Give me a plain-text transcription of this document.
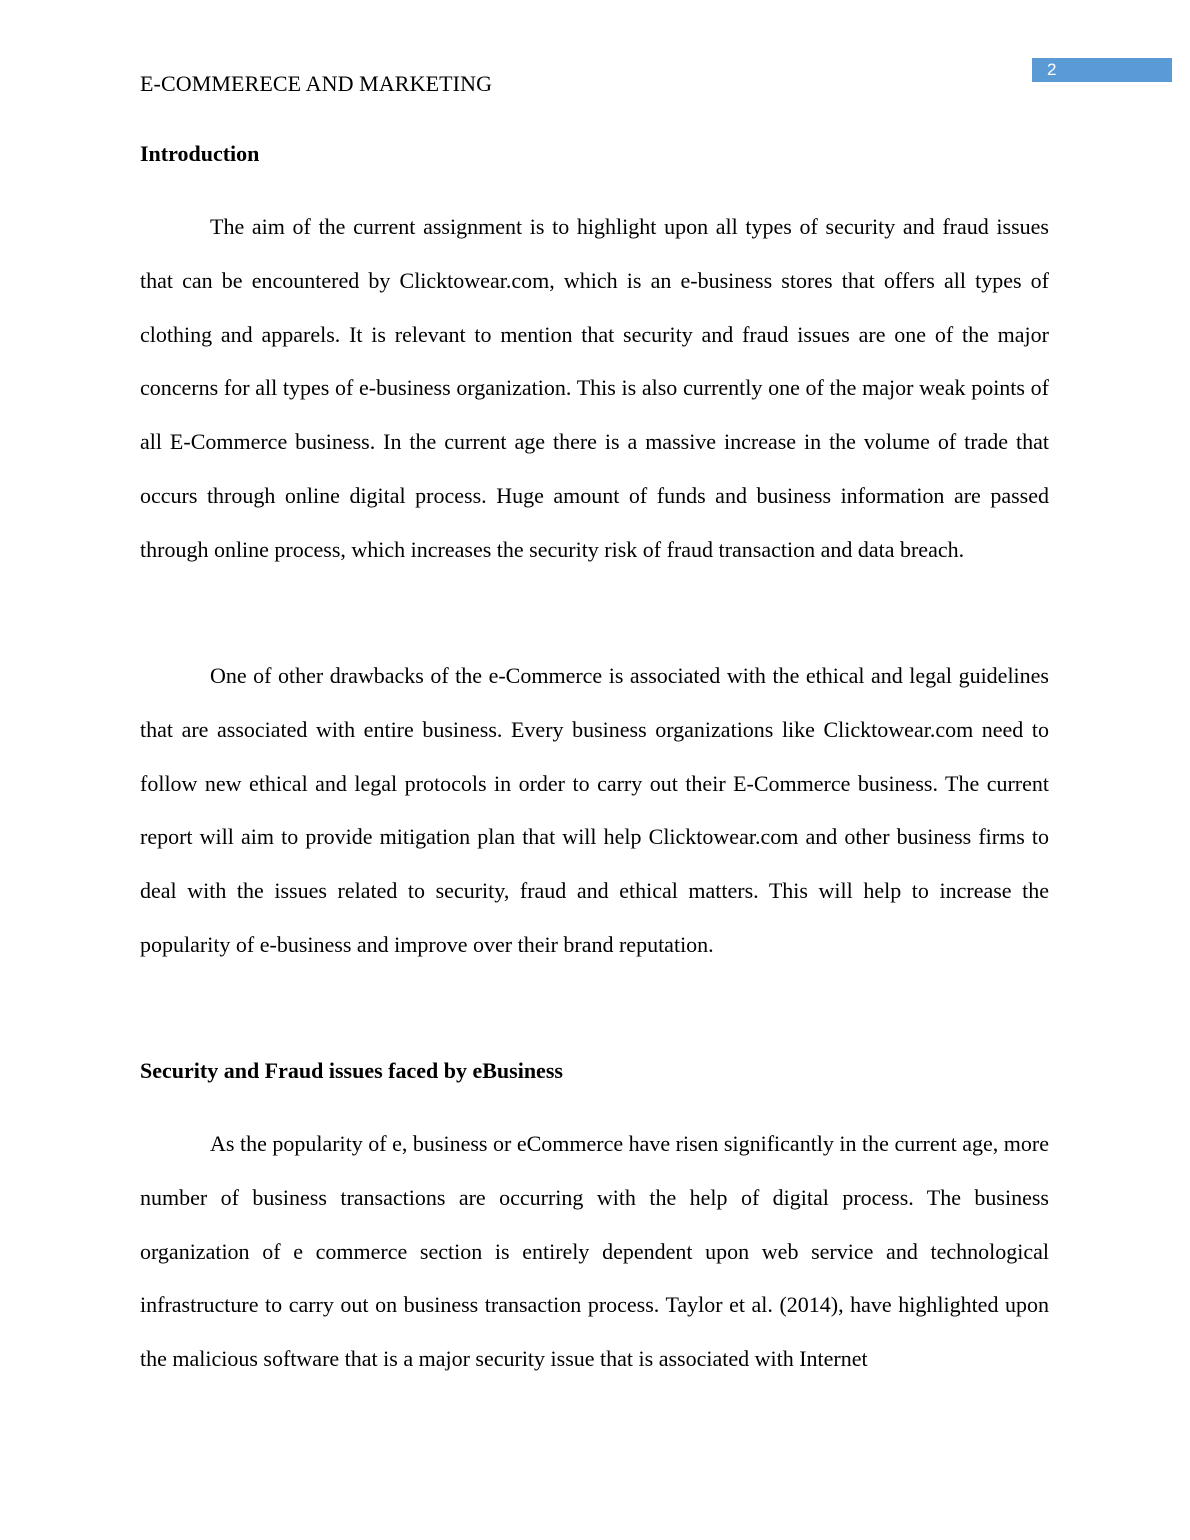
2
E-COMMERECE AND MARKETING
Introduction

The aim of the current assignment is to highlight upon all types of security and fraud issues that can be encountered by Clicktowear.com, which is an e-business stores that offers all types of clothing and apparels. It is relevant to mention that security and fraud issues are one of the major concerns for all types of e-business organization. This is also currently one of the major weak points of all E-Commerce business. In the current age there is a massive increase in the volume of trade that occurs through online digital process. Huge amount of funds and business information are passed through online process, which increases the security risk of fraud transaction and data breach.

One of other drawbacks of the e-Commerce is associated with the ethical and legal guidelines that are associated with entire business. Every business organizations like Clicktowear.com need to follow new ethical and legal protocols in order to carry out their E-Commerce business. The current report will aim to provide mitigation plan that will help Clicktowear.com and other business firms to deal with the issues related to security, fraud and ethical matters. This will help to increase the popularity of e-business and improve over their brand reputation.

Security and Fraud issues faced by eBusiness

As the popularity of e, business or eCommerce have risen significantly in the current age, more number of business transactions are occurring with the help of digital process. The business organization of e commerce section is entirely dependent upon web service and technological infrastructure to carry out on business transaction process. Taylor et al. (2014), have highlighted upon the malicious software that is a major security issue that is associated with Internet
